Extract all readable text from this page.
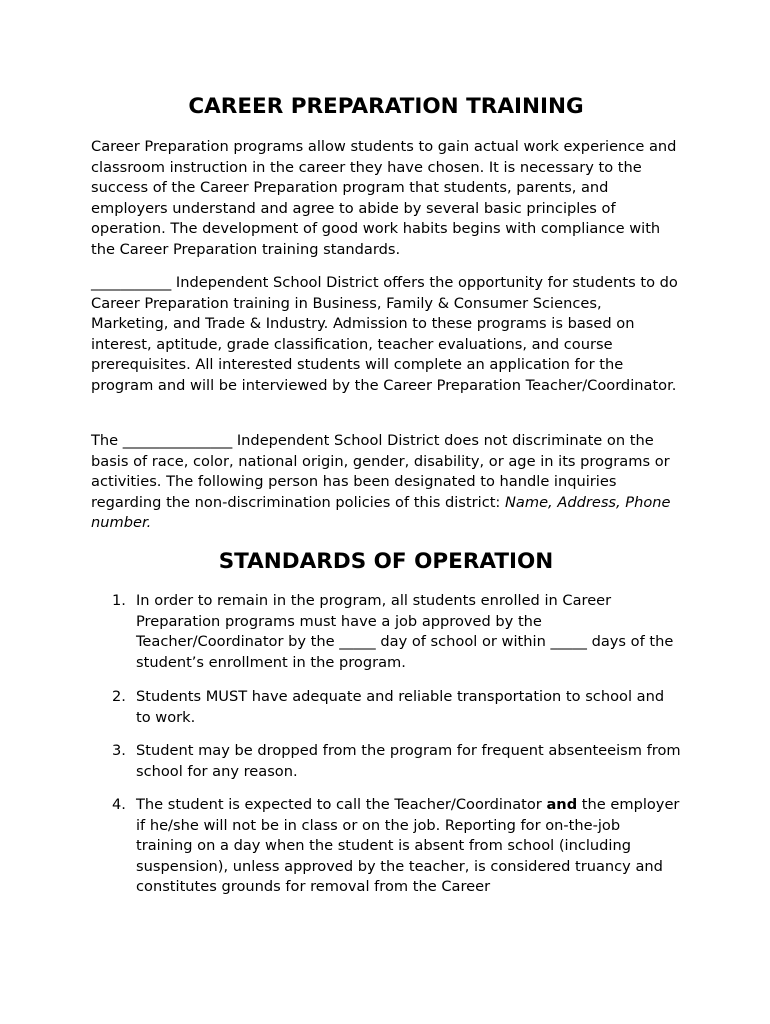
CAREER PREPARATION TRAINING

Career Preparation programs allow students to gain actual work experience and classroom instruction in the career they have chosen. It is necessary to the success of the Career Preparation program that students, parents, and employers understand and agree to abide by several basic principles of operation. The development of good work habits begins with compliance with the Career Preparation training standards.

___________ Independent School District offers the opportunity for students to do Career Preparation training in Business, Family & Consumer Sciences, Marketing, and Trade & Industry. Admission to these programs is based on interest, aptitude, grade classification, teacher evaluations, and course prerequisites. All interested students will complete an application for the program and will be interviewed by the Career Preparation Teacher/Coordinator.

The _______________ Independent School District does not discriminate on the basis of race, color, national origin, gender, disability, or age in its programs or activities. The following person has been designated to handle inquiries regarding the non-discrimination policies of this district: Name, Address, Phone number.

STANDARDS OF OPERATION
1. In order to remain in the program, all students enrolled in Career Preparation programs must have a job approved by the Teacher/Coordinator by the _____ day of school or within _____ days of the student’s enrollment in the program.
2. Students MUST have adequate and reliable transportation to school and to work.
3. Student may be dropped from the program for frequent absenteeism from school for any reason.
4. The student is expected to call the Teacher/Coordinator and the employer if he/she will not be in class or on the job. Reporting for on-the-job training on a day when the student is absent from school (including suspension), unless approved by the teacher, is considered truancy and constitutes grounds for removal from the Career
